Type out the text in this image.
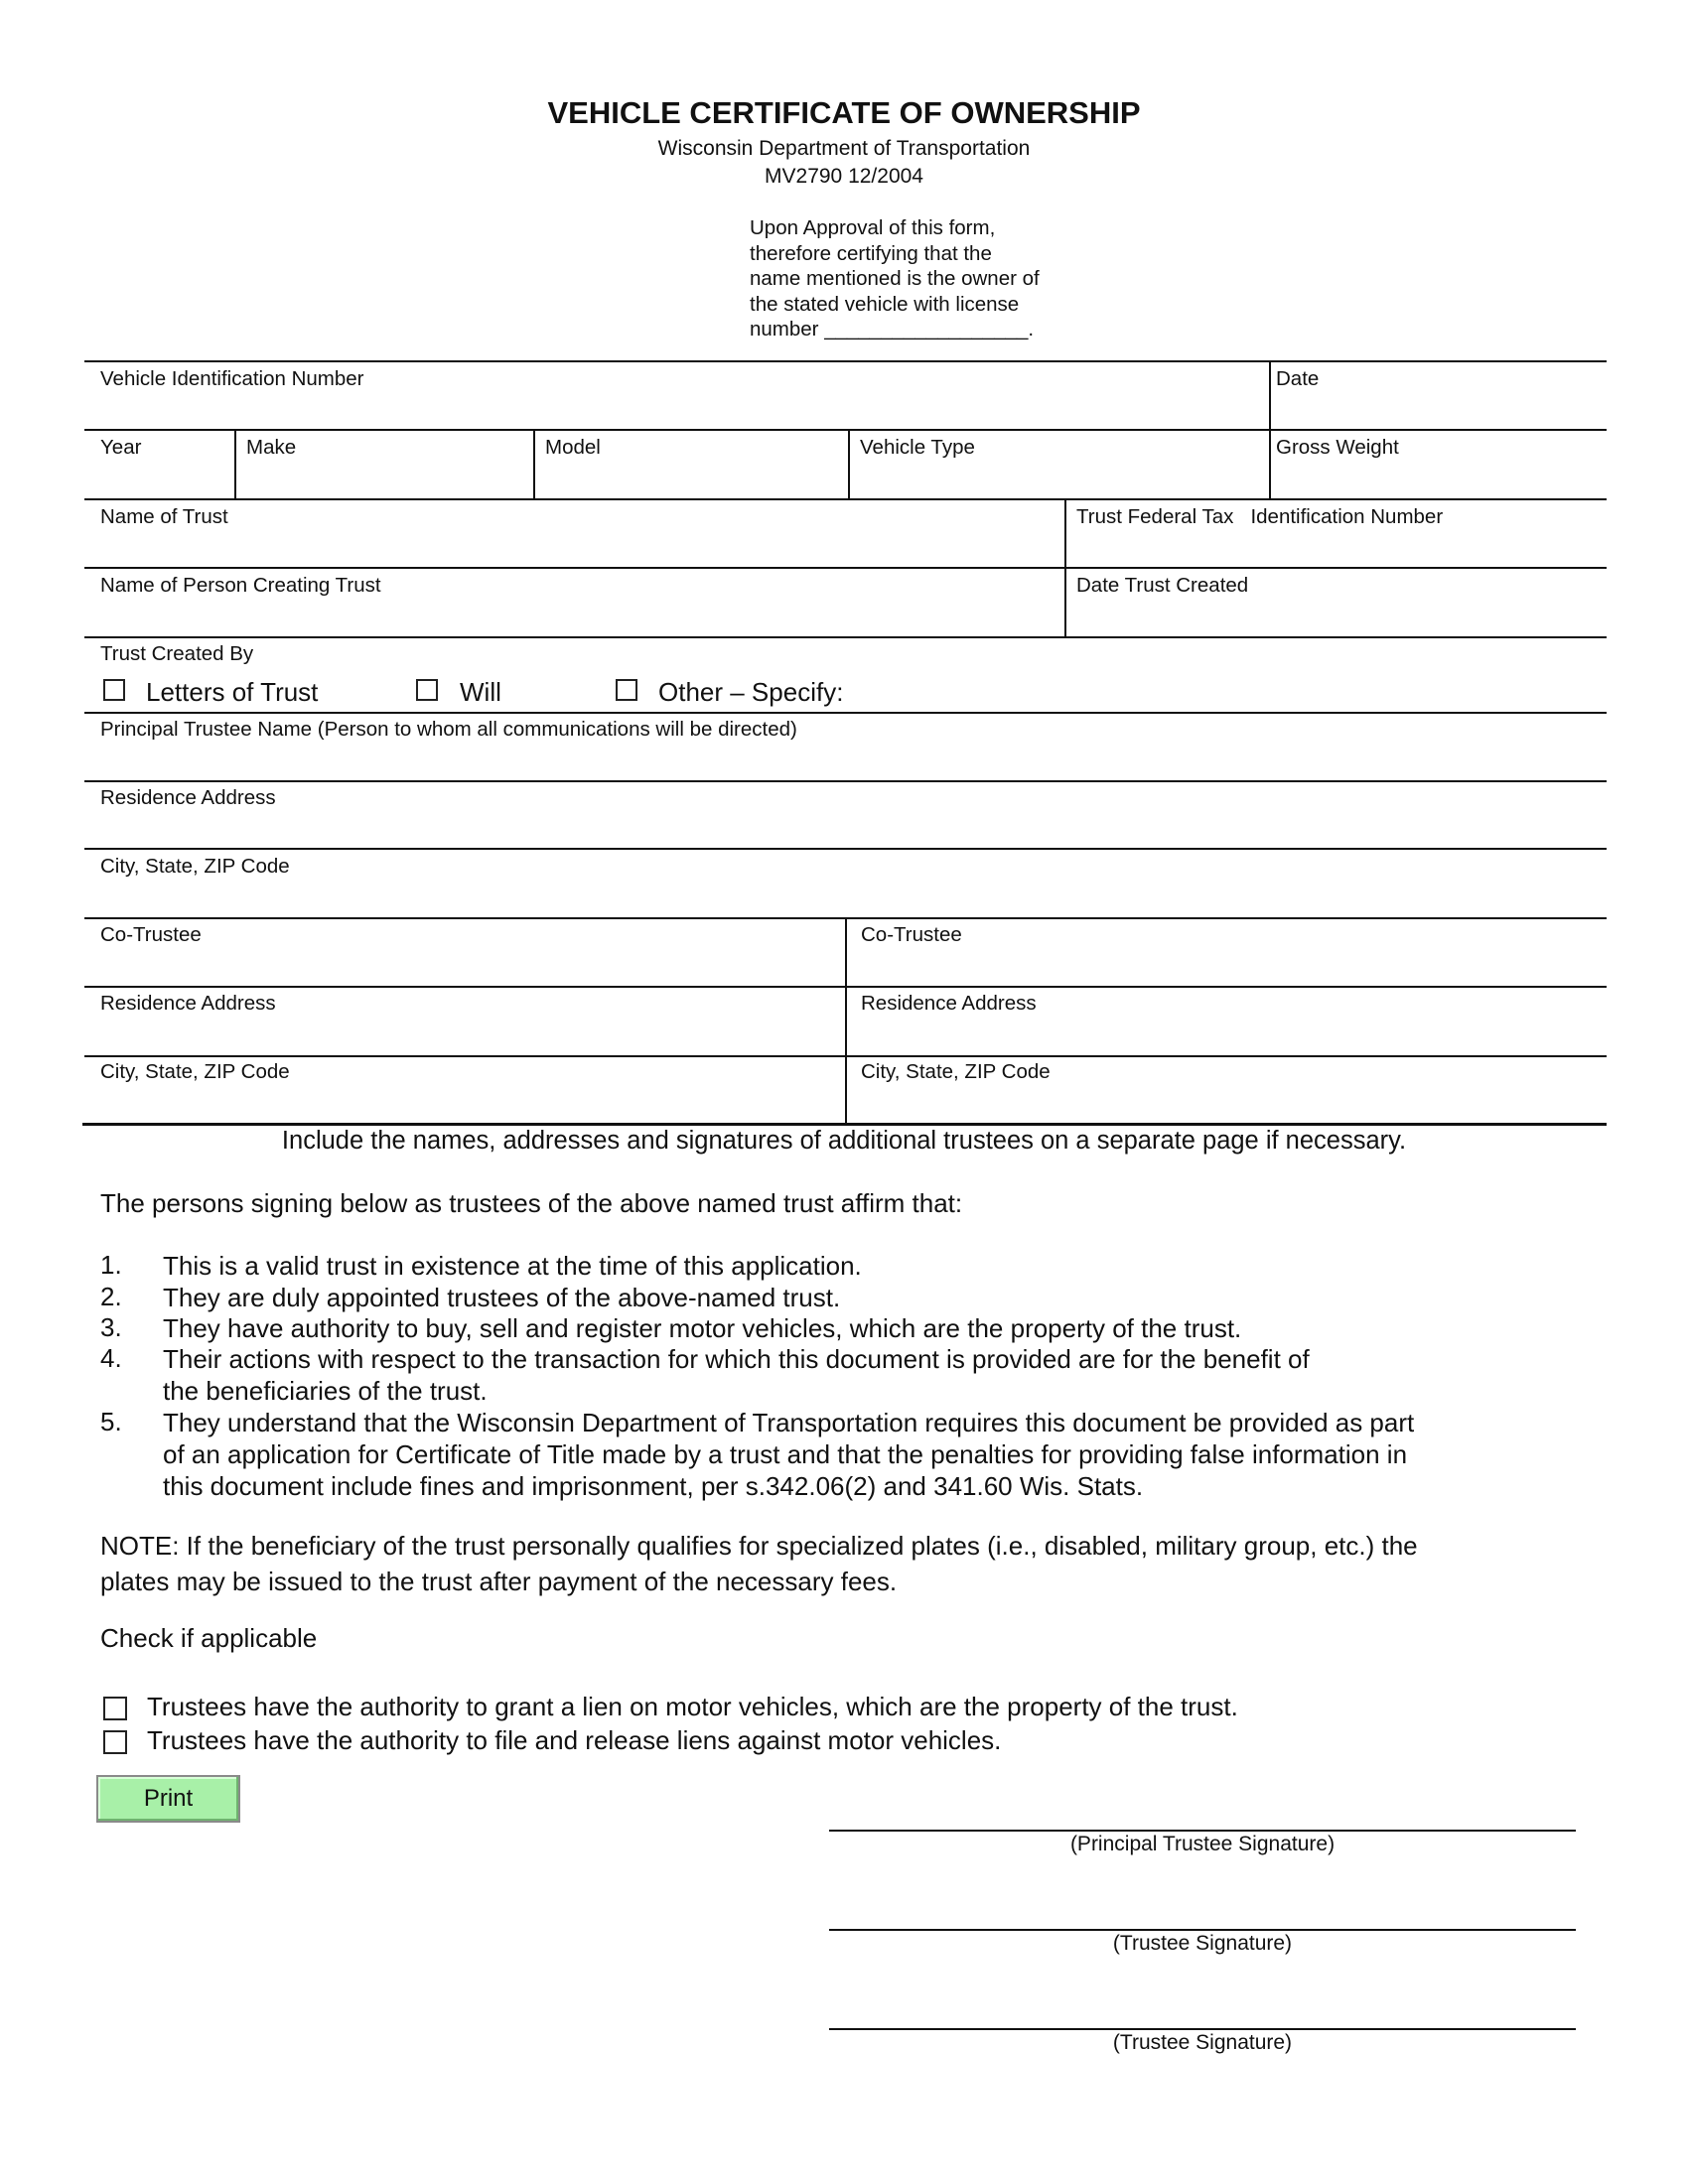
VEHICLE CERTIFICATE OF OWNERSHIP
Wisconsin Department of Transportation
MV2790 12/2004
Upon Approval of this form,
therefore certifying that the
name mentioned is the owner of
the stated vehicle with license
number __________________.
Vehicle Identification Number	Date
Year	Make	Model	Vehicle Type	Gross Weight
Name of Trust	Trust Federal Tax   Identification Number
Name of Person Creating Trust	Date Trust Created
Trust Created By
Letters of Trust	Will	Other – Specify:
Principal Trustee Name (Person to whom all communications will be directed)
Residence Address
City, State, ZIP Code
Co-Trustee	Co-Trustee
Residence Address	Residence Address
City, State, ZIP Code	City, State, ZIP Code
Include the names, addresses and signatures of additional trustees on a separate page if necessary.
The persons signing below as trustees of the above named trust affirm that:
1. This is a valid trust in existence at the time of this application.
2. They are duly appointed trustees of the above-named trust.
3. They have authority to buy, sell and register motor vehicles, which are the property of the trust.
4. Their actions with respect to the transaction for which this document is provided are for the benefit of
the beneficiaries of the trust.
5. They understand that the Wisconsin Department of Transportation requires this document be provided as part
of an application for Certificate of Title made by a trust and that the penalties for providing false information in
this document include fines and imprisonment, per s.342.06(2) and 341.60 Wis. Stats.
NOTE: If the beneficiary of the trust personally qualifies for specialized plates (i.e., disabled, military group, etc.) the
plates may be issued to the trust after payment of the necessary fees.
Check if applicable
Trustees have the authority to grant a lien on motor vehicles, which are the property of the trust.
Trustees have the authority to file and release liens against motor vehicles.
Print
(Principal Trustee Signature)
(Trustee Signature)
(Trustee Signature)
